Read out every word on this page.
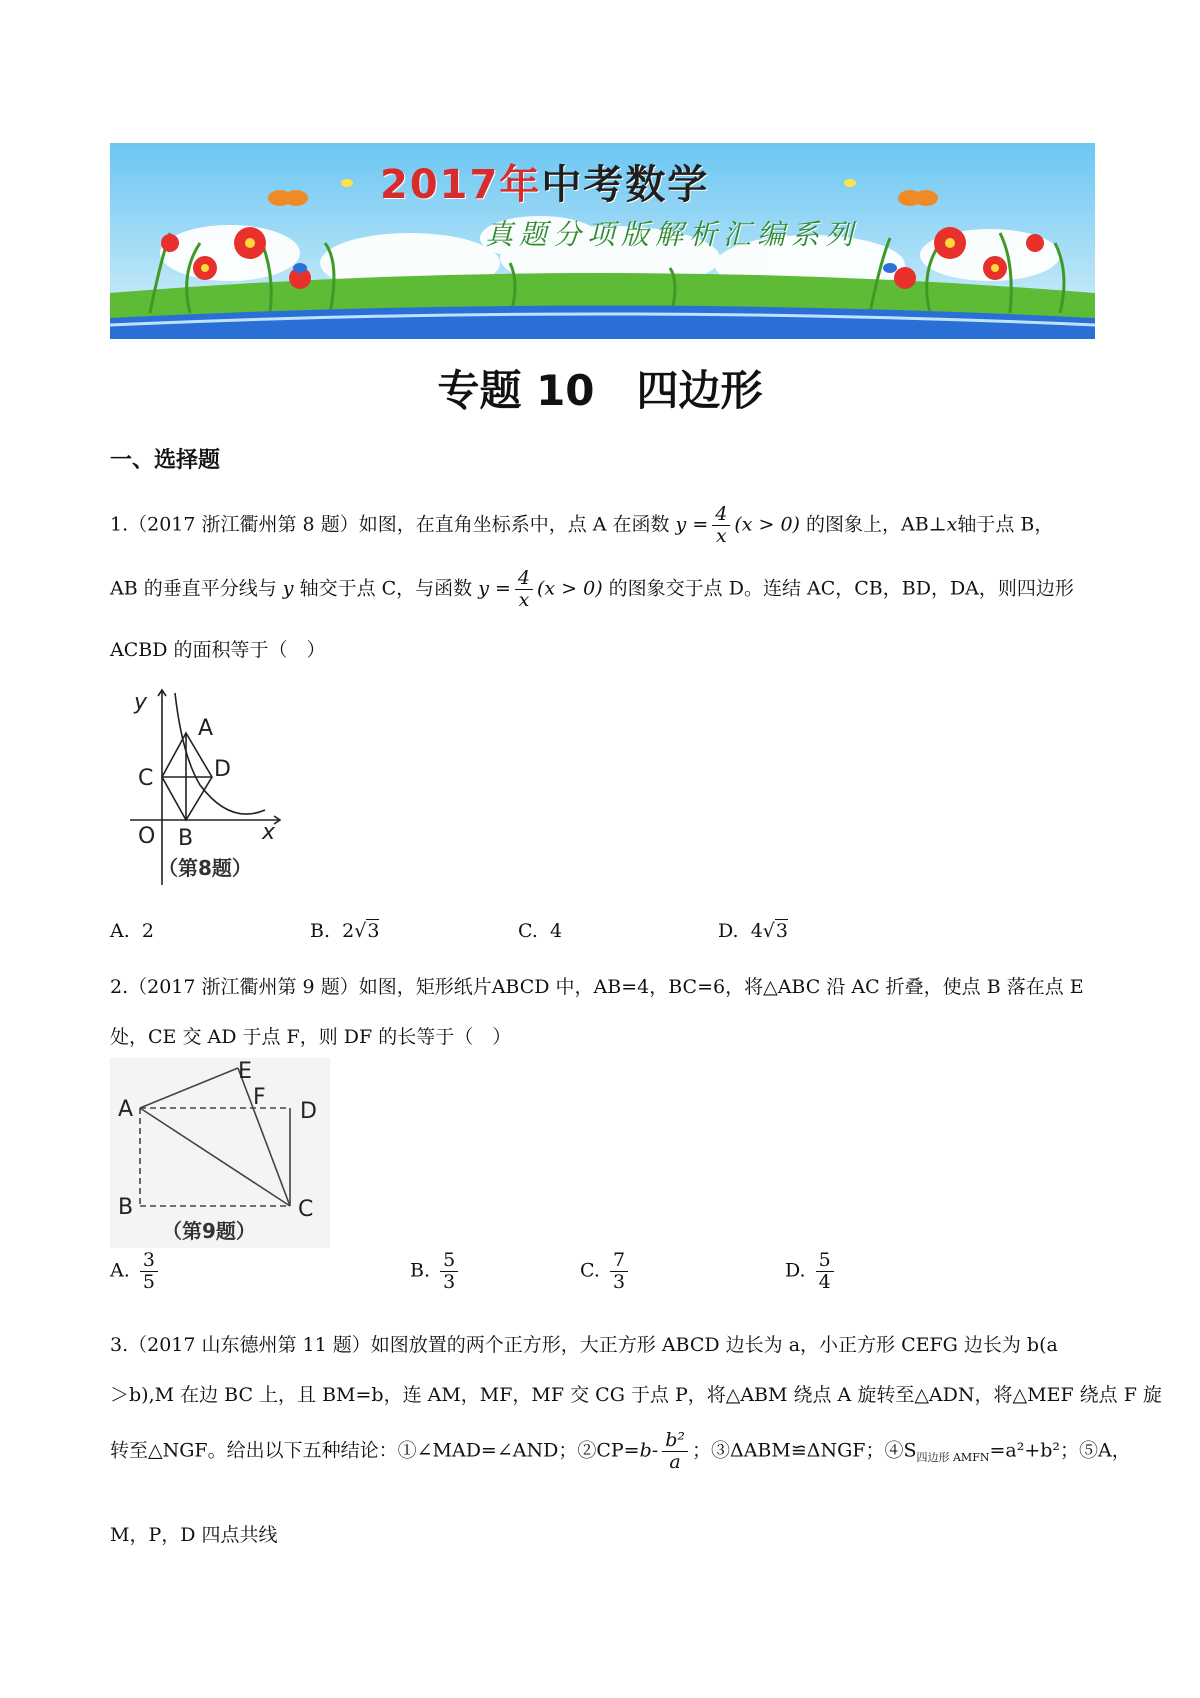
2017年中考数学
真题分项版解析汇编系列
专题 10　四边形
一、选择题
1.（2017 浙江衢州第 8 题）如图，在直角坐标系中，点 A 在函数 $y = \frac{4}{x} (x > 0)$ 的图象上，AB⊥x轴于点 B，
AB 的垂直平分线与 y 轴交于点 C，与函数 $y = \frac{4}{x} (x > 0)$ 的图象交于点 D。连结 AC，CB，BD，DA，则四边形
ACBD 的面积等于（　）
y
A
C	D
O B	x
（第8题）
A. 2	B. 2√3	C. 4	D. 4√3
2.（2017 浙江衢州第 9 题）如图，矩形纸片ABCD 中，AB=4，BC=6，将△ABC 沿 AC 折叠，使点 B 落在点 E
处，CE 交 AD 于点 F，则 DF 的长等于（　）
A
E
F
D
B	C
（第9题）
A. $\frac{3}{5}$	B. $\frac{5}{3}$	C. $\frac{7}{3}$	D. $\frac{5}{4}$
3.（2017 山东德州第 11 题）如图放置的两个正方形，大正方形 ABCD 边长为 a，小正方形 CEFG 边长为 b(a
＞b),M 在边 BC 上，且 BM=b，连 AM，MF，MF 交 CG 于点 P，将△ABM 绕点 A 旋转至△ADN，将△MEF 绕点 F 旋
转至△NGF。给出以下五种结论：①∠MAD=∠AND；②CP=b- $\frac{\text{b²}}{a}$ ；③ΔABM≌ΔNGF；$④S_{四边形 AMFN}=a^2+b^2$；⑤A，
M，P，D 四点共线
